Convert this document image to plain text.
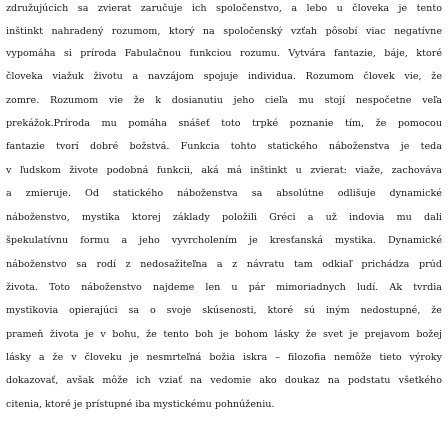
združujúcich sa zvierat zaručuje ich spoločenstvo, a lebo u človeka je tento
inštinkt nahradený rozumom, ktorý na spoločenský vzťah pôsobí viac negatívne
vypomáha si prírodа Fabulačnou funkciou rozumu. Vytvára fantazie, báje, ktoré
človeka viažuk životu a navzájom spojuje individua. Rozumom človek vie, že
zomre. Rozumom vie že k dosianutiu jeho cieľa mu stojí nespočetne veľa
prekážok.Príroda mu pomáha snášeť toto trpké poznanie tím, že pomocou
fantazie tvorí dobré božstvá. Funkcia tohto statického náboženstva je teda
v ľudskom živote podobná funkcii, aká má inštinkt u zvierat: viaže, zachováva
a zmieruje. Od statického náboženstva sa absolútne odlišuje dynamické
náboženstvo, mystika ktorej základy položili Gréci a už indovia mu dali
špekulatívnu formu a jeho vyvrcholením je kresťanská mystika. Dynamické
náboženstvo sa rodí z nedosažiteľna a z návratu tam odkiaľ prichádza prúd
života. Toto náboženstvo najdeme len u pár mimoriadnych ludí. Ak tvrdia
mystikovia opierajúci sa o svoje skúsenosti, ktoré sú iným nedostupné, že
prameň života je v bohu, že tento boh je bohom lásky že svet je prejavom božej
lásky a že v človeku je nesmrteľná božia iskra – filozofia nemôže tieto výroky
dokazovať, avšak môže ich vziať na vedomie ako doukaz na podstatu všetkého
citenia, ktoré je prístupné iba mystickému pohnúženiu.
